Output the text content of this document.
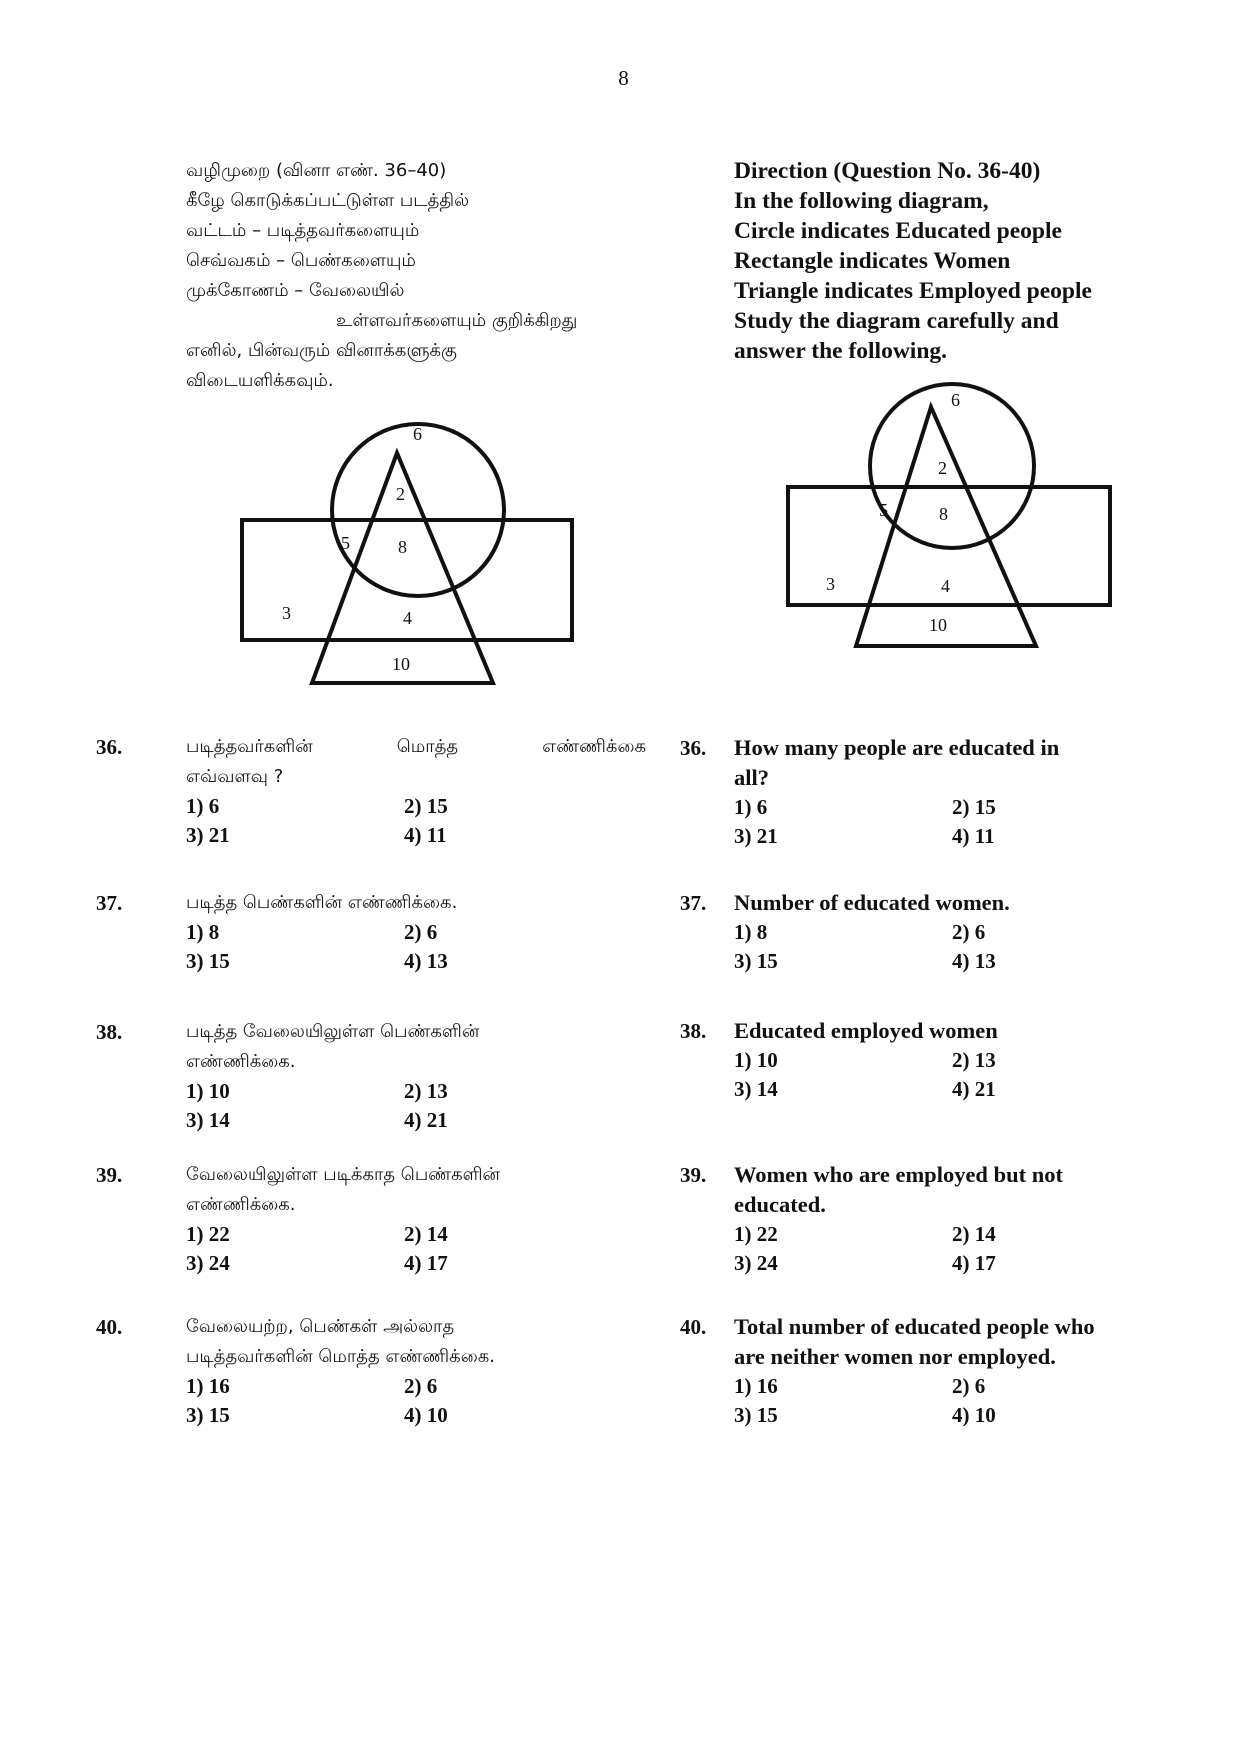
8
வழிமுறை (வினா எண். 36–40)
கீழே கொடுக்கப்பட்டுள்ள படத்தில்
வட்டம் – படித்தவர்களையும்
செவ்வகம் – பெண்களையும்
முக்கோணம் – வேலையில்
உள்ளவர்களையும் குறிக்கிறது
எனில், பின்வரும் வினாக்களுக்கு
விடையளிக்கவும்.
Direction (Question No. 36-40)
In the following diagram,
Circle indicates Educated people
Rectangle indicates Women
Triangle indicates Employed people
Study the diagram carefully and
answer the following.
6
2
5	8
3	4
10
6
2
5	8
3	4
10
36.	படித்தவர்களின் மொத்த எண்ணிக்கை
எவ்வளவு ?
1) 6	2) 15
3) 21	4) 11
37.	படித்த பெண்களின் எண்ணிக்கை.
1) 8	2) 6
3) 15	4) 13
38.	படித்த வேலையிலுள்ள பெண்களின்
எண்ணிக்கை.
1) 10	2) 13
3) 14	4) 21
39.	வேலையிலுள்ள படிக்காத பெண்களின்
எண்ணிக்கை.
1) 22	2) 14
3) 24	4) 17
40.	வேலையற்ற, பெண்கள் அல்லாத
படித்தவர்களின் மொத்த எண்ணிக்கை.
1) 16	2) 6
3) 15	4) 10
36. How many people are educated in
all?
1) 6	2) 15
3) 21	4) 11
37. Number of educated women.
1) 8	2) 6
3) 15	4) 13
38. Educated employed women
1) 10	2) 13
3) 14	4) 21
39. Women who are employed but not
educated.
1) 22	2) 14
3) 24	4) 17
40. Total number of educated people who
are neither women nor employed.
1) 16	2) 6
3) 15	4) 10
